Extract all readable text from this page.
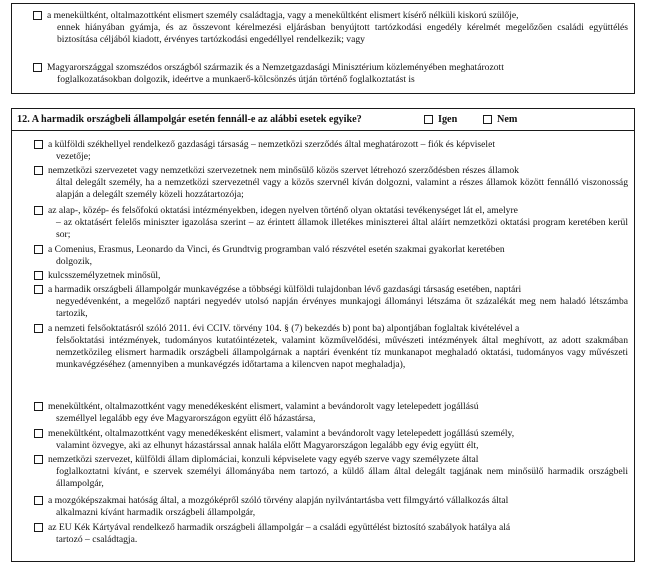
a menekültként, oltalmazottként elismert személy családtagja, vagy a menekültként elismert kísérő nélküli kiskorú szülője,
ennek hiányában gyámja, és az összevont kérelmezési eljárásban benyújtott tartózkodási engedély kérelmét megelőzően családi együttélés biztosítása céljából kiadott, érvényes tartózkodási engedéllyel rendelkezik; vagy
Magyarországgal szomszédos országból származik és a Nemzetgazdasági Minisztérium közleményében meghatározott
foglalkozatásokban dolgozik, ideértve a munkaerő-kölcsönzés útján történő foglalkoztatást is
12. A harmadik országbeli állampolgár esetén fennáll-e az alábbi esetek egyike?	Igen	Nem
a külföldi székhellyel rendelkező gazdasági társaság – nemzetközi szerződés által meghatározott – fiók és képviselet
vezetője;
nemzetközi szervezetet vagy nemzetközi szervezetnek nem minősülő közös szervet létrehozó szerződésben részes államok
által delegált személy, ha a nemzetközi szervezetnél vagy a közös szervnél kíván dolgozni, valamint a részes államok között fennálló viszonosság alapján a delegált személy közeli hozzátartozója;
az alap-, közép- és felsőfokú oktatási intézményekben, idegen nyelven történő olyan oktatási tevékenységet lát el, amelyre
– az oktatásért felelős miniszter igazolása szerint – az érintett államok illetékes miniszterei által aláírt nemzetközi oktatási program keretében kerül sor;
a Comenius, Erasmus, Leonardo da Vinci, és Grundtvig programban való részvétel esetén szakmai gyakorlat keretében
dolgozik,
kulcsszemélyzetnek minősül,
a harmadik országbeli állampolgár munkavégzése a többségi külföldi tulajdonban lévő gazdasági társaság esetében, naptári
negyedévenként, a megelőző naptári negyedév utolsó napján érvényes munkajogi állományi létszáma öt százalékát meg nem haladó létszámba tartozik,
a nemzeti felsőoktatásról szóló 2011. évi CCIV. törvény 104. § (7) bekezdés b) pont ba) alpontjában foglaltak kivételével a
felsőoktatási intézmények, tudományos kutatóintézetek, valamint közművelődési, művészeti intézmények által meghívott, az adott szakmában nemzetközileg elismert harmadik országbeli állampolgárnak a naptári évenként tíz munkanapot meghaladó oktatási, tudományos vagy művészeti munkavégzéséhez (amennyiben a munkavégzés időtartama a kilencven napot meghaladja),
menekültként, oltalmazottként vagy menedékesként elismert, valamint a bevándorolt vagy letelepedett jogállású
személlyel legalább egy éve Magyarországon együtt élő házastársa,
menekültként, oltalmazottként vagy menedékesként elismert, valamint a bevándorolt vagy letelepedett jogállású személy,
valamint özvegye, aki az elhunyt házastárssal annak halála előtt Magyarországon legalább egy évig együtt élt,
nemzetközi szervezet, külföldi állam diplomáciai, konzuli képviselete vagy egyéb szerve vagy személyzete által
foglalkoztatni kívánt, e szervek személyi állományába nem tartozó, a küldő állam által delegált tagjának nem minősülő harmadik országbeli állampolgár,
a mozgóképszakmai hatóság által, a mozgóképről szóló törvény alapján nyilvántartásba vett filmgyártó vállalkozás által
alkalmazni kívánt harmadik országbeli állampolgár,
az EU Kék Kártyával rendelkező harmadik országbeli állampolgár – a családi együttélést biztosító szabályok hatálya alá
tartozó – családtagja.
